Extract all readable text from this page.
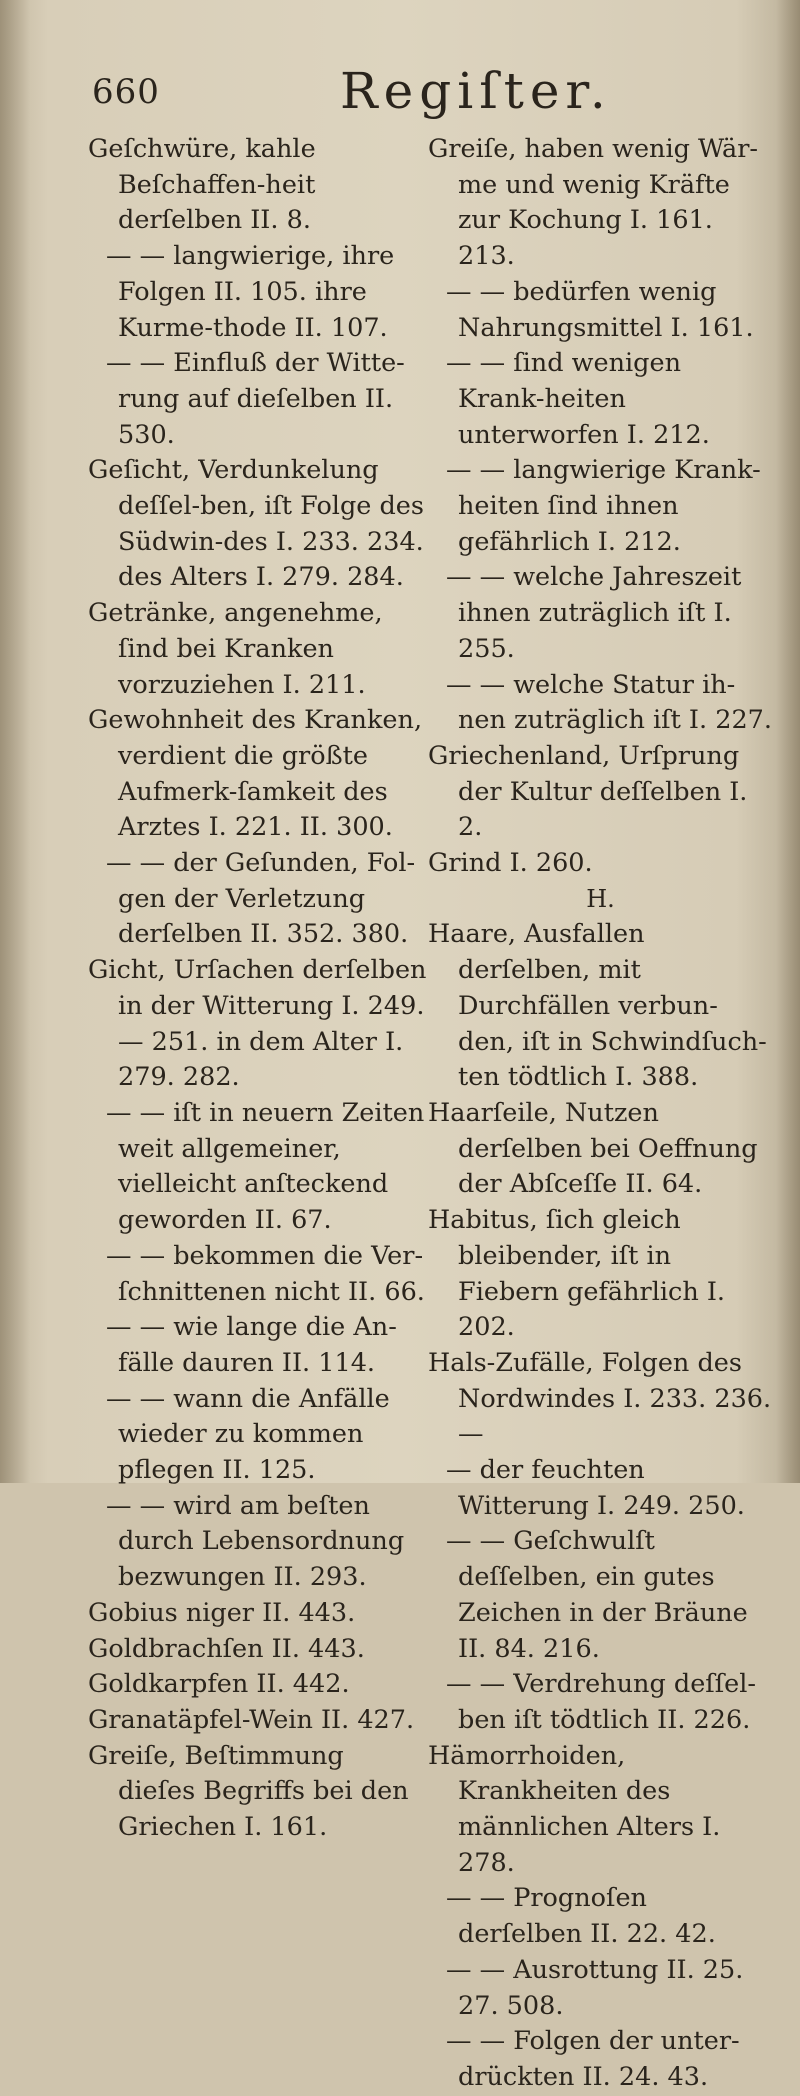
660	Regiſter.

Geſchwüre, kahle Beſchaffen-heit derſelben II. 8.

— — langwierige, ihre Folgen II. 105. ihre Kurme-thode II. 107.

— — Einfluß der Witte-rung auf dieſelben II. 530.

Geſicht, Verdunkelung deſſel-ben, iſt Folge des Südwin-des I. 233. 234. des Alters I. 279. 284.

Getränke, angenehme, ſind bei Kranken vorzuziehen I. 211.

Gewohnheit des Kranken, verdient die größte Aufmerk-ſamkeit des Arztes I. 221. II. 300.

— — der Geſunden, Fol-gen der Verletzung derſelben II. 352. 380.

Gicht, Urſachen derſelben in der Witterung I. 249. — 251. in dem Alter I. 279. 282.

— — iſt in neuern Zeiten weit allgemeiner, vielleicht anſteckend geworden II. 67.

— — bekommen die Ver-ſchnittenen nicht II. 66.

— — wie lange die An-fälle dauren II. 114.

— — wann die Anfälle wieder zu kommen pflegen II. 125.

— — wird am beſten durch Lebensordnung bezwungen II. 293.

Gobius niger II. 443.

Goldbrachſen II. 443.

Goldkarpfen II. 442.

Granatäpfel-Wein II. 427.

Greiſe, Beſtimmung dieſes Begriffs bei den Griechen I. 161.

Greiſe, haben wenig Wär-me und wenig Kräfte zur Kochung I. 161. 213.

— — bedürfen wenig Nahrungsmittel I. 161.

— — ſind wenigen Krank-heiten unterworfen I. 212.

— — langwierige Krank-heiten ſind ihnen gefährlich I. 212.

— — welche Jahreszeit ihnen zuträglich iſt I. 255.

— — welche Statur ih-nen zuträglich iſt I. 227.

Griechenland, Urſprung der Kultur deſſelben I. 2.

Grind I. 260.

H.

Haare, Ausfallen derſelben, mit Durchfällen verbun-den, iſt in Schwindſuch-ten tödtlich I. 388.

Haarſeile, Nutzen derſelben bei Oeffnung der Abſceſſe II. 64.

Habitus, ſich gleich bleibender, iſt in Fiebern gefährlich I. 202.

Hals-Zufälle, Folgen des Nordwindes I. 233. 236. —

— der feuchten Witterung I. 249. 250.

— — Geſchwulſt deſſelben, ein gutes Zeichen in der Bräune II. 84. 216.

— — Verdrehung deſſel-ben iſt tödtlich II. 226.

Hämorrhoiden, Krankheiten des männlichen Alters I. 278.

— — Prognoſen derſelben II. 22. 42.

— — Ausrottung II. 25. 27. 508.

— — Folgen der unter-drückten II. 24. 43.
